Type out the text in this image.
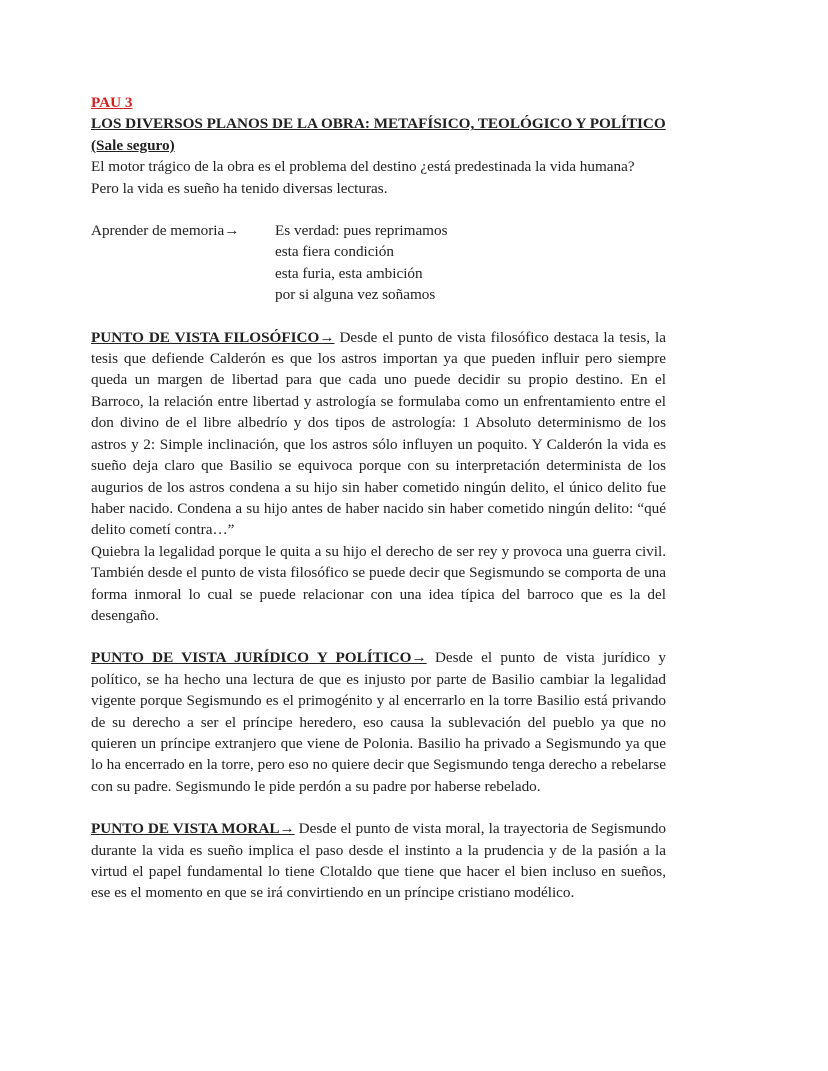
PAU 3
LOS DIVERSOS PLANOS DE LA OBRA: METAFÍSICO, TEOLÓGICO Y POLÍTICO (Sale seguro)
El motor trágico de la obra es el problema del destino ¿está predestinada la vida humana? Pero la vida es sueño ha tenido diversas lecturas.
Aprender de memoria→	Es verdad: pues reprimamos
esta fiera condición
esta furia, esta ambición
por si alguna vez soñamos
PUNTO DE VISTA FILOSÓFICO→ Desde el punto de vista filosófico destaca la tesis, la tesis que defiende Calderón es que los astros importan ya que pueden influir pero siempre queda un margen de libertad para que cada uno puede decidir su propio destino. En el Barroco, la relación entre libertad y astrología se formulaba como un enfrentamiento entre el don divino de el libre albedrío y dos tipos de astrología: 1 Absoluto determinismo de los astros y 2: Simple inclinación, que los astros sólo influyen un poquito. Y Calderón la vida es sueño deja claro que Basilio se equivoca porque con su interpretación determinista de los augurios de los astros condena a su hijo sin haber cometido ningún delito, el único delito fue haber nacido. Condena a su hijo antes de haber nacido sin haber cometido ningún delito: “qué delito cometí contra…”
Quiebra la legalidad porque le quita a su hijo el derecho de ser rey y provoca una guerra civil. También desde el punto de vista filosófico se puede decir que Segismundo se comporta de una forma inmoral lo cual se puede relacionar con una idea típica del barroco que es la del desengaño.
PUNTO DE VISTA JURÍDICO Y POLÍTICO→ Desde el punto de vista jurídico y político, se ha hecho una lectura de que es injusto por parte de Basilio cambiar la legalidad vigente porque Segismundo es el primogénito y al encerrarlo en la torre Basilio está privando de su derecho a ser el príncipe heredero, eso causa la sublevación del pueblo ya que no quieren un príncipe extranjero que viene de Polonia. Basilio ha privado a Segismundo ya que lo ha encerrado en la torre, pero eso no quiere decir que Segismundo tenga derecho a rebelarse con su padre. Segismundo le pide perdón a su padre por haberse rebelado.
PUNTO DE VISTA MORAL→ Desde el punto de vista moral, la trayectoria de Segismundo durante la vida es sueño implica el paso desde el instinto a la prudencia y de la pasión a la virtud el papel fundamental lo tiene Clotaldo que tiene que hacer el bien incluso en sueños, ese es el momento en que se irá convirtiendo en un príncipe cristiano modélico.
